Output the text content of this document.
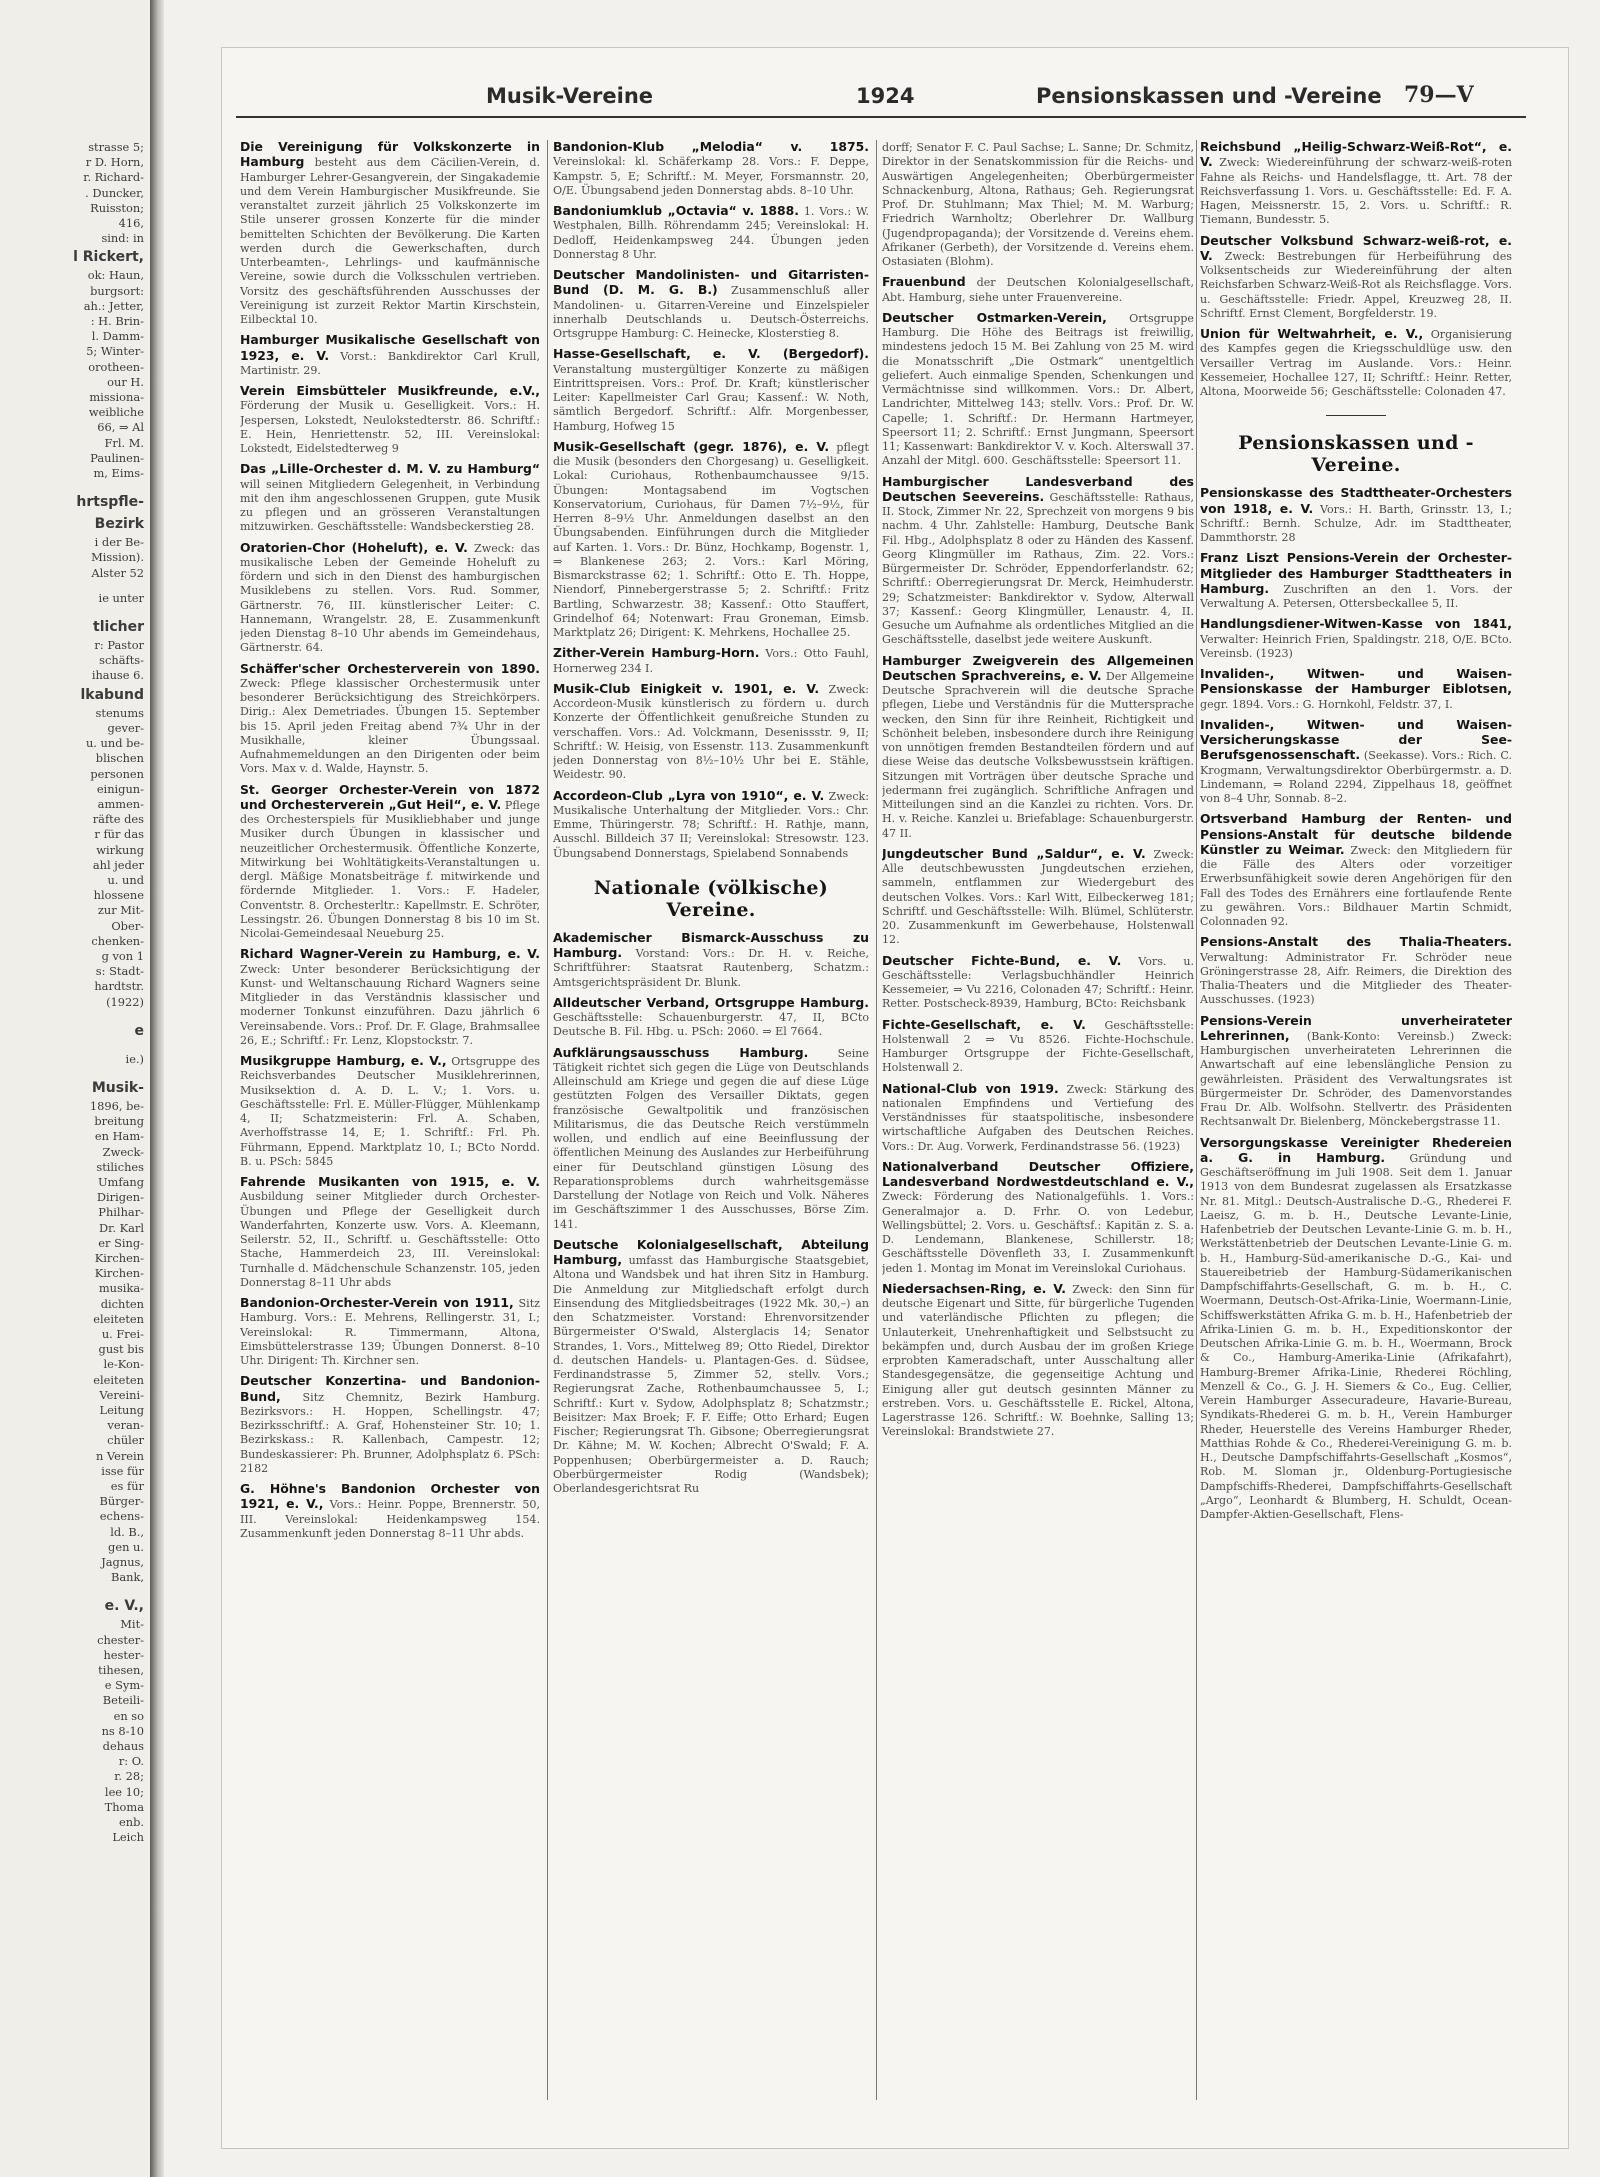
strasse 5;
r D. Horn,
r. Richard-
. Duncker,
Ruisston;
416,
sind: in
l Rickert,
ok: Haun,
burgsort:
ah.: Jetter,
: H. Brin-
l. Damm-
5; Winter-
orotheen-
our H.
missiona-
weibliche
66, ⇒ Al
Frl. M.
Paulinen-
m, Eims-
hrtspfle-
Bezirk
i der Be-
Mission).
Alster 52
ie unter
tlicher
r: Pastor
schäfts-
ihause 6.
lkabund
stenums
gever-
u. und be-
blischen
personen
einigun-
ammen-
räfte des
r für das
wirkung
ahl jeder
u. und
hlossene
zur Mit-
Ober-
chenken-
g von 1
s: Stadt-
hardtstr.
(1922)
e
ie.)
Musik-
1896, be-
breitung
en Ham-
Zweck-
stiliches
Umfang
Dirigen-
Philhar-
Dr. Karl
er Sing-
Kirchen-
Kirchen-
musika-
dichten
eleiteten
u. Frei-
gust bis
le-Kon-
eleiteten
Vereini-
Leitung
veran-
chüler
n Verein
isse für
es für
Bürger-
echens-
ld. B.,
gen u.
Jagnus,
Bank,
e. V.,
Mit-
chester-
hester-
tihesen,
e Sym-
Beteili-
en so
ns 8-10
dehaus
r: O.
r. 28;
lee 10;
Thoma
enb.
Leich
Musik-Vereine	1924	Pensionskassen und -Vereine 79—V
Die Vereinigung für Volkskonzerte in Hamburg besteht aus dem Cäcilien-Verein, d. Hamburger Lehrer-Gesangverein, der Singakademie und dem Verein Hamburgischer Musikfreunde. Sie veranstaltet zurzeit jährlich 25 Volkskonzerte im Stile unserer grossen Konzerte für die minder bemittelten Schichten der Bevölkerung. Die Karten werden durch die Gewerkschaften, durch Unterbeamten-, Lehrlings- und kaufmännische Vereine, sowie durch die Volksschulen vertrieben. Vorsitz des geschäftsführenden Ausschusses der Vereinigung ist zurzeit Rektor Martin Kirschstein, Eilbecktal 10.
Hamburger Musikalische Gesellschaft von 1923, e. V. Vorst.: Bankdirektor Carl Krull, Martinistr. 29.
Verein Eimsbütteler Musikfreunde, e.V., Förderung der Musik u. Geselligkeit. Vors.: H. Jespersen, Lokstedt, Neulokstedterstr. 86. Schriftf.: E. Hein, Henriettenstr. 52, III. Vereinslokal: Lokstedt, Eidelstedterweg 9
Das „Lille-Orchester d. M. V. zu Hamburg“ will seinen Mitgliedern Gelegenheit, in Verbindung mit den ihm angeschlossenen Gruppen, gute Musik zu pflegen und an grösseren Veranstaltungen mitzuwirken. Geschäftsstelle: Wandsbeckerstieg 28.
Oratorien-Chor (Hoheluft), e. V. Zweck: das musikalische Leben der Gemeinde Hoheluft zu fördern und sich in den Dienst des hamburgischen Musiklebens zu stellen. Vors. Rud. Sommer, Gärtnerstr. 76, III. künstlerischer Leiter: C. Hannemann, Wrangelstr. 28, E. Zusammenkunft jeden Dienstag 8–10 Uhr abends im Gemeindehaus, Gärtnerstr. 64.
Schäffer'scher Orchesterverein von 1890. Zweck: Pflege klassischer Orchestermusik unter besonderer Berücksichtigung des Streichkörpers. Dirig.: Alex Demetriades. Übungen 15. September bis 15. April jeden Freitag abend 7¾ Uhr in der Musikhalle, kleiner Übungssaal. Aufnahmemeldungen an den Dirigenten oder beim Vors. Max v. d. Walde, Haynstr. 5.
St. Georger Orchester-Verein von 1872 und Orchesterverein „Gut Heil“, e. V. Pflege des Orchesterspiels für Musikliebhaber und junge Musiker durch Übungen in klassischer und neuzeitlicher Orchestermusik. Öffentliche Konzerte, Mitwirkung bei Wohltätigkeits-Veranstaltungen u. dergl. Mäßige Monatsbeiträge f. mitwirkende und fördernde Mitglieder. 1. Vors.: F. Hadeler, Conventstr. 8. Orchesterltr.: Kapellmstr. E. Schröter, Lessingstr. 26. Übungen Donnerstag 8 bis 10 im St. Nicolai-Gemeindesaal Neueburg 25.
Richard Wagner-Verein zu Hamburg, e. V. Zweck: Unter besonderer Berücksichtigung der Kunst- und Weltanschauung Richard Wagners seine Mitglieder in das Verständnis klassischer und moderner Tonkunst einzuführen. Dazu jährlich 6 Vereinsabende. Vors.: Prof. Dr. F. Glage, Brahmsallee 26, E.; Schriftf.: Fr. Lenz, Klopstockstr. 7.
Musikgruppe Hamburg, e. V., Ortsgruppe des Reichsverbandes Deutscher Musiklehrerinnen, Musiksektion d. A. D. L. V.; 1. Vors. u. Geschäftsstelle: Frl. E. Müller-Flügger, Mühlenkamp 4, II; Schatzmeisterin: Frl. A. Schaben, Averhoffstrasse 14, E; 1. Schriftf.: Frl. Ph. Führmann, Eppend. Marktplatz 10, I.; BCto Nordd. B. u. PSch: 5845
Fahrende Musikanten von 1915, e. V. Ausbildung seiner Mitglieder durch Orchester-Übungen und Pflege der Geselligkeit durch Wanderfahrten, Konzerte usw. Vors. A. Kleemann, Seilerstr. 52, II., Schriftf. u. Geschäftsstelle: Otto Stache, Hammerdeich 23, III. Vereinslokal: Turnhalle d. Mädchenschule Schanzenstr. 105, jeden Donnerstag 8–11 Uhr abds
Bandonion-Orchester-Verein von 1911, Sitz Hamburg. Vors.: E. Mehrens, Rellingerstr. 31, I.; Vereinslokal: R. Timmermann, Altona, Eimsbüttelerstrasse 139; Übungen Donnerst. 8–10 Uhr. Dirigent: Th. Kirchner sen.
Deutscher Konzertina- und Bandonion-Bund, Sitz Chemnitz, Bezirk Hamburg. Bezirksvors.: H. Hoppen, Schellingstr. 47; Bezirksschriftf.: A. Graf, Hohensteiner Str. 10; 1. Bezirkskass.: R. Kallenbach, Campestr. 12; Bundeskassierer: Ph. Brunner, Adolphsplatz 6. PSch: 2182
G. Höhne's Bandonion Orchester von 1921, e. V., Vors.: Heinr. Poppe, Brennerstr. 50, III. Vereinslokal: Heidenkampsweg 154. Zusammenkunft jeden Donnerstag 8–11 Uhr abds.
Bandonion-Klub „Melodia“ v. 1875. Vereinslokal: kl. Schäferkamp 28. Vors.: F. Deppe, Kampstr. 5, E; Schriftf.: M. Meyer, Forsmannstr. 20, O/E. Übungsabend jeden Donnerstag abds. 8–10 Uhr.
Bandoniumklub „Octavia“ v. 1888. 1. Vors.: W. Westphalen, Billh. Röhrendamm 245; Vereinslokal: H. Dedloff, Heidenkampsweg 244. Übungen jeden Donnerstag 8 Uhr.
Deutscher Mandolinisten- und Gitarristen-Bund (D. M. G. B.) Zusammenschluß aller Mandolinen- u. Gitarren-Vereine und Einzelspieler innerhalb Deutschlands u. Deutsch-Österreichs. Ortsgruppe Hamburg: C. Heinecke, Klosterstieg 8.
Hasse-Gesellschaft, e. V. (Bergedorf). Veranstaltung mustergültiger Konzerte zu mäßigen Eintrittspreisen. Vors.: Prof. Dr. Kraft; künstlerischer Leiter: Kapellmeister Carl Grau; Kassenf.: W. Noth, sämtlich Bergedorf. Schriftf.: Alfr. Morgenbesser, Hamburg, Hofweg 15
Musik-Gesellschaft (gegr. 1876), e. V. pflegt die Musik (besonders den Chorgesang) u. Geselligkeit. Lokal: Curiohaus, Rothenbaumchaussee 9/15. Übungen: Montagsabend im Vogtschen Konservatorium, Curiohaus, für Damen 7½–9½, für Herren 8–9½ Uhr. Anmeldungen daselbst an den Übungsabenden. Einführungen durch die Mitglieder auf Karten. 1. Vors.: Dr. Bünz, Hochkamp, Bogenstr. 1, ⇒ Blankenese 263; 2. Vors.: Karl Möring, Bismarckstrasse 62; 1. Schriftf.: Otto E. Th. Hoppe, Niendorf, Pinnebergerstrasse 5; 2. Schriftf.: Fritz Bartling, Schwarzestr. 38; Kassenf.: Otto Stauffert, Grindelhof 64; Notenwart: Frau Groneman, Eimsb. Marktplatz 26; Dirigent: K. Mehrkens, Hochallee 25.
Zither-Verein Hamburg-Horn. Vors.: Otto Fauhl, Hornerweg 234 I.
Musik-Club Einigkeit v. 1901, e. V. Zweck: Accordeon-Musik künstlerisch zu fördern u. durch Konzerte der Öffentlichkeit genußreiche Stunden zu verschaffen. Vors.: Ad. Volckmann, Desenissstr. 9, II; Schriftf.: W. Heisig, von Essenstr. 113. Zusammenkunft jeden Donnerstag von 8½–10½ Uhr bei E. Stähle, Weidestr. 90.
Accordeon-Club „Lyra von 1910“, e. V. Zweck: Musikalische Unterhaltung der Mitglieder. Vors.: Chr. Emme, Thüringerstr. 78; Schriftf.: H. Rathje, mann, Ausschl. Billdeich 37 II; Vereinslokal: Stresowstr. 123. Übungsabend Donnerstags, Spielabend Sonnabends
Nationale (völkische) Vereine.
Akademischer Bismarck-Ausschuss zu Hamburg. Vorstand: Vors.: Dr. H. v. Reiche, Schriftführer: Staatsrat Rautenberg, Schatzm.: Amtsgerichtspräsident Dr. Blunk.
Alldeutscher Verband, Ortsgruppe Hamburg. Geschäftsstelle: Schauenburgerstr. 47, II, BCto Deutsche B. Fil. Hbg. u. PSch: 2060. ⇒ El 7664.
Aufklärungsausschuss Hamburg.	Seine Tätigkeit richtet sich gegen die Lüge von Deutschlands Alleinschuld am Kriege und gegen die auf diese Lüge gestützten Folgen des Versailler Diktats, gegen französische Gewaltpolitik und französischen Militarismus, die das Deutsche Reich verstümmeln wollen, und endlich auf eine Beeinflussung der öffentlichen Meinung des Auslandes zur Herbeiführung einer für Deutschland günstigen Lösung des Reparationsproblems durch wahrheitsgemässe Darstellung der Notlage von Reich und Volk. Näheres im Geschäftszimmer 1 des Ausschusses, Börse Zim. 141.
Deutsche Kolonialgesellschaft, Abteilung Hamburg, umfasst das Hamburgische Staatsgebiet, Altona und Wandsbek und hat ihren Sitz in Hamburg. Die Anmeldung zur Mitgliedschaft erfolgt durch Einsendung des Mitgliedsbeitrages (1922 Mk. 30,–) an den Schatzmeister. Vorstand: Ehrenvorsitzender Bürgermeister O'Swald, Alsterglacis 14; Senator Strandes, 1. Vors., Mittelweg 89; Otto Riedel, Direktor d. deutschen Handels- u. Plantagen-Ges. d. Südsee, Ferdinandstrasse 5, Zimmer 52, stellv. Vors.; Regierungsrat Zache, Rothenbaumchaussee 5, I.; Schriftf.: Kurt v. Sydow, Adolphsplatz 8; Schatzmstr.; Beisitzer: Max Broek; F. F. Eiffe; Otto Erhard; Eugen Fischer; Regierungsrat Th. Gibsone; Oberregierungsrat Dr. Kähne; M. W. Kochen; Albrecht O'Swald; F. A. Poppenhusen; Oberbürgermeister a. D. Rauch; Oberbürgermeister Rodig (Wandsbek); Oberlandesgerichtsrat Ru
dorff; Senator F. C. Paul Sachse; L. Sanne; Dr. Schmitz, Direktor in der Senatskommission für die Reichs- und Auswärtigen Angelegenheiten; Oberbürgermeister Schnackenburg, Altona, Rathaus; Geh. Regierungsrat Prof. Dr. Stuhlmann; Max Thiel; M. M. Warburg; Friedrich Warnholtz; Oberlehrer Dr. Wallburg (Jugendpropaganda); der Vorsitzende d. Vereins ehem. Afrikaner (Gerbeth), der Vorsitzende d. Vereins ehem. Ostasiaten (Blohm).
Frauenbund der Deutschen Kolonialgesellschaft, Abt. Hamburg, siehe unter Frauenvereine.
Deutscher Ostmarken-Verein, Ortsgruppe Hamburg. Die Höhe des Beitrags ist freiwillig, mindestens jedoch 15 M. Bei Zahlung von 25 M. wird die Monatsschrift „Die Ostmark“ unentgeltlich geliefert. Auch einmalige Spenden, Schenkungen und Vermächtnisse sind willkommen. Vors.: Dr. Albert, Landrichter, Mittelweg 143; stellv. Vors.: Prof. Dr. W. Capelle; 1. Schriftf.: Dr. Hermann Hartmeyer, Speersort 11; 2. Schriftf.: Ernst Jungmann, Speersort 11; Kassenwart: Bankdirektor V. v. Koch. Alterswall 37. Anzahl der Mitgl. 600. Geschäftsstelle: Speersort 11.
Hamburgischer Landesverband des Deutschen Seevereins. Geschäftsstelle: Rathaus, II. Stock, Zimmer Nr. 22, Sprechzeit von morgens 9 bis nachm. 4 Uhr. Zahlstelle: Hamburg, Deutsche Bank Fil. Hbg., Adolphsplatz 8 oder zu Händen des Kassenf. Georg Klingmüller im Rathaus, Zim. 22. Vors.: Bürgermeister Dr. Schröder, Eppendorferlandstr. 62; Schriftf.: Oberregierungsrat Dr. Merck, Heimhuderstr. 29; Schatzmeister: Bankdirektor v. Sydow, Alterwall 37; Kassenf.: Georg Klingmüller, Lenaustr. 4, II. Gesuche um Aufnahme als ordentliches Mitglied an die Geschäftsstelle, daselbst jede weitere Auskunft.
Hamburger Zweigverein des Allgemeinen Deutschen Sprachvereins, e. V. Der Allgemeine Deutsche Sprachverein will die deutsche Sprache pflegen, Liebe und Verständnis für die Muttersprache wecken, den Sinn für ihre Reinheit, Richtigkeit und Schönheit beleben, insbesondere durch ihre Reinigung von unnötigen fremden Bestandteilen fördern und auf diese Weise das deutsche Volksbewusstsein kräftigen. Sitzungen mit Vorträgen über deutsche Sprache und jedermann frei zugänglich. Schriftliche Anfragen und Mitteilungen sind an die Kanzlei zu richten. Vors. Dr. H. v. Reiche. Kanzlei u. Briefablage: Schauenburgerstr. 47 II.
Jungdeutscher Bund „Saldur“, e. V. Zweck: Alle deutschbewussten Jungdeutschen erziehen, sammeln, entflammen zur Wiedergeburt des deutschen Volkes. Vors.: Karl Witt, Eilbeckerweg 181; Schriftf. und Geschäftsstelle: Wilh. Blümel, Schlüterstr. 20. Zusammenkunft im Gewerbehause, Holstenwall 12.
Deutscher Fichte-Bund, e. V. Vors. u. Geschäftsstelle: Verlagsbuchhändler Heinrich Kessemeier, ⇒ Vu 2216, Colonaden 47; Schriftf.: Heinr. Retter. Postscheck-8939, Hamburg, BCto: Reichsbank
Fichte-Gesellschaft, e. V. Geschäftsstelle: Holstenwall 2 ⇒ Vu 8526. Fichte-Hochschule. Hamburger Ortsgruppe der Fichte-Gesellschaft, Holstenwall 2.
National-Club von 1919. Zweck: Stärkung des nationalen Empfindens und Vertiefung des Verständnisses für staatspolitische, insbesondere wirtschaftliche Aufgaben des Deutschen Reiches. Vors.: Dr. Aug. Vorwerk, Ferdinandstrasse 56. (1923)
Nationalverband Deutscher Offiziere, Landesverband Nordwestdeutschland e. V., Zweck: Förderung des Nationalgefühls. 1. Vors.: Generalmajor a. D. Frhr. O. von Ledebur, Wellingsbüttel; 2. Vors. u. Geschäftsf.: Kapitän z. S. a. D. Lendemann, Blankenese, Schillerstr. 18; Geschäftsstelle Dövenfleth 33, I. Zusammenkunft jeden 1. Montag im Monat im Vereinslokal Curiohaus.
Niedersachsen-Ring, e. V. Zweck: den Sinn für deutsche Eigenart und Sitte, für bürgerliche Tugenden und vaterländische Pflichten zu pflegen; die Unlauterkeit, Unehrenhaftigkeit und Selbstsucht zu bekämpfen und, durch Ausbau der im großen Kriege erprobten Kameradschaft, unter Ausschaltung aller Standesgegensätze, die gegenseitige Achtung und Einigung aller gut deutsch gesinnten Männer zu erstreben. Vors. u. Geschäftsstelle E. Rickel, Altona, Lagerstrasse 126. Schriftf.: W. Boehnke, Salling 13; Vereinslokal: Brandstwiete 27.
Reichsbund „Heilig-Schwarz-Weiß-Rot“, e. V. Zweck: Wiedereinführung der schwarz-weiß-roten Fahne als Reichs- und Handelsflagge, tt. Art. 78 der Reichsverfassung 1. Vors. u. Geschäftsstelle: Ed. F. A. Hagen, Meissnerstr. 15, 2. Vors. u. Schriftf.: R. Tiemann, Bundesstr. 5.
Deutscher Volksbund Schwarz-weiß-rot, e. V. Zweck: Bestrebungen für Herbeiführung des Volksentscheids zur Wiedereinführung der alten Reichsfarben Schwarz-Weiß-Rot als Reichsflagge. Vors. u. Geschäftsstelle: Friedr. Appel, Kreuzweg 28, II. Schriftf. Ernst Clement, Borgfelderstr. 19.
Union für Weltwahrheit, e. V., Organisierung des Kampfes gegen die Kriegsschuldlüge usw. den Versailler Vertrag im Auslande. Vors.: Heinr. Kessemeier, Hochallee 127, II; Schriftf.: Heinr. Retter, Altona, Moorweide 56; Geschäftsstelle: Colonaden 47.
Pensionskassen und -Vereine.
Pensionskasse des Stadttheater-Orchesters von 1918, e. V. Vors.: H. Barth, Grinsstr. 13, I.; Schriftf.: Bernh. Schulze, Adr. im Stadttheater, Dammthorstr. 28
Franz Liszt Pensions-Verein der Orchester-Mitglieder des Hamburger Stadttheaters in Hamburg. Zuschriften an den 1. Vors. der Verwaltung A. Petersen, Ottersbeckallee 5, II.
Handlungsdiener-Witwen-Kasse von 1841, Verwalter: Heinrich Frien, Spaldingstr. 218, O/E. BCto. Vereinsb. (1923)
Invaliden-, Witwen- und Waisen-Pensionskasse der Hamburger Eiblotsen, gegr. 1894. Vors.: G. Hornkohl, Feldstr. 37, I.
Invaliden-, Witwen- und Waisen-Versicherungskasse der See-Berufsgenossenschaft. (Seekasse). Vors.: Rich. C. Krogmann, Verwaltungsdirektor Oberbürgermstr. a. D. Lindemann, ⇒ Roland 2294, Zippelhaus 18, geöffnet von 8–4 Uhr, Sonnab. 8–2.
Ortsverband Hamburg der Renten- und Pensions-Anstalt für deutsche bildende Künstler zu Weimar. Zweck: den Mitgliedern für die Fälle des Alters oder vorzeitiger Erwerbsunfähigkeit sowie deren Angehörigen für den Fall des Todes des Ernährers eine fortlaufende Rente zu gewähren. Vors.: Bildhauer Martin Schmidt, Colonnaden 92.
Pensions-Anstalt des Thalia-Theaters. Verwaltung: Administrator Fr. Schröder neue Gröningerstrasse 28, Aifr. Reimers, die Direktion des Thalia-Theaters und die Mitglieder des Theater-Ausschusses. (1923)
Pensions-Verein unverheirateter Lehrerinnen, (Bank-Konto: Vereinsb.) Zweck: Hamburgischen unverheirateten Lehrerinnen die Anwartschaft auf eine lebenslängliche Pension zu gewährleisten. Präsident des Verwaltungsrates ist Bürgermeister Dr. Schröder, des Damenvorstandes Frau Dr. Alb. Wolfsohn. Stellvertr. des Präsidenten Rechtsanwalt Dr. Bielenberg, Mönckebergstrasse 11.
Versorgungskasse Vereinigter Rhedereien a. G. in Hamburg. Gründung und Geschäftseröffnung im Juli 1908. Seit dem 1. Januar 1913 von dem Bundesrat zugelassen als Ersatzkasse Nr. 81. Mitgl.: Deutsch-Australische D.-G., Rhederei F. Laeisz, G. m. b. H., Deutsche Levante-Linie, Hafenbetrieb der Deutschen Levante-Linie G. m. b. H., Werkstättenbetrieb der Deutschen Levante-Linie G. m. b. H., Hamburg-Süd-amerikanische D.-G., Kai- und Stauereibetrieb der Hamburg-Südamerikanischen Dampfschiffahrts-Gesellschaft, G. m. b. H., C. Woermann, Deutsch-Ost-Afrika-Linie, Woermann-Linie, Schiffswerkstätten Afrika G. m. b. H., Hafenbetrieb der Afrika-Linien G. m. b. H., Expeditionskontor der Deutschen Afrika-Linie G. m. b. H., Woermann, Brock & Co., Hamburg-Amerika-Linie (Afrikafahrt), Hamburg-Bremer Afrika-Linie, Rhederei Röchling, Menzell & Co., G. J. H. Siemers & Co., Eug. Cellier, Verein Hamburger Assecuradeure, Havarie-Bureau, Syndikats-Rhederei G. m. b. H., Verein Hamburger Rheder, Heuerstelle des Vereins Hamburger Rheder, Matthias Rohde & Co., Rhederei-Vereinigung G. m. b. H., Deutsche Dampfschiffahrts-Gesellschaft „Kosmos“, Rob. M. Sloman jr., Oldenburg-Portugiesische Dampfschiffs-Rhederei, Dampfschiffahrts-Gesellschaft „Argo“, Leonhardt & Blumberg, H. Schuldt, Ocean-Dampfer-Aktien-Gesellschaft, Flens-
